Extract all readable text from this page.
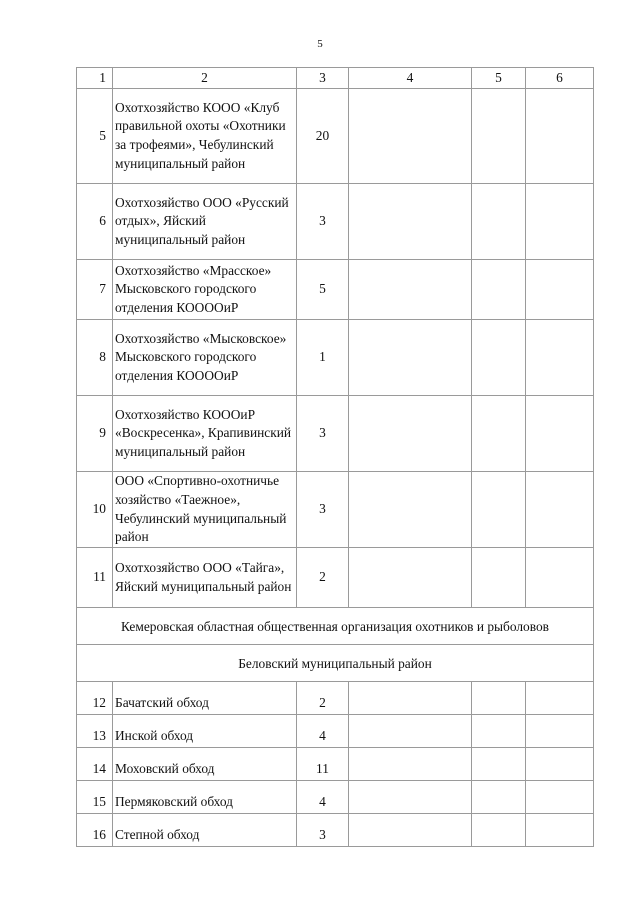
5
1	2	3	4	5	6
5	Охотхозяйство КООО «Клуб правильной охоты «Охотники за трофеями», Чебулинский муниципальный район	20			
6	Охотхозяйство ООО «Русский отдых», Яйский муниципальный район	3			
7	Охотхозяйство «Мрасское» Мысковского городского отделения КООООиР	5			
8	Охотхозяйство «Мысковское» Мысковского городского отделения КООООиР	1			
9	Охотхозяйство КОООиР «Воскресенка», Крапивинский муниципальный район	3			
10	ООО «Спортивно-охотничье хозяйство «Таежное», Чебулинский муниципальный район	3			
11	Охотхозяйство ООО «Тайга», Яйский муниципальный район	2			
Кемеровская областная общественная организация охотников и рыболовов					
Беловский муниципальный район					
12	Бачатский обход	2			
13	Инской обход	4			
14	Моховский обход	11			
15	Пермяковский обход	4			
16	Степной обход	3			
